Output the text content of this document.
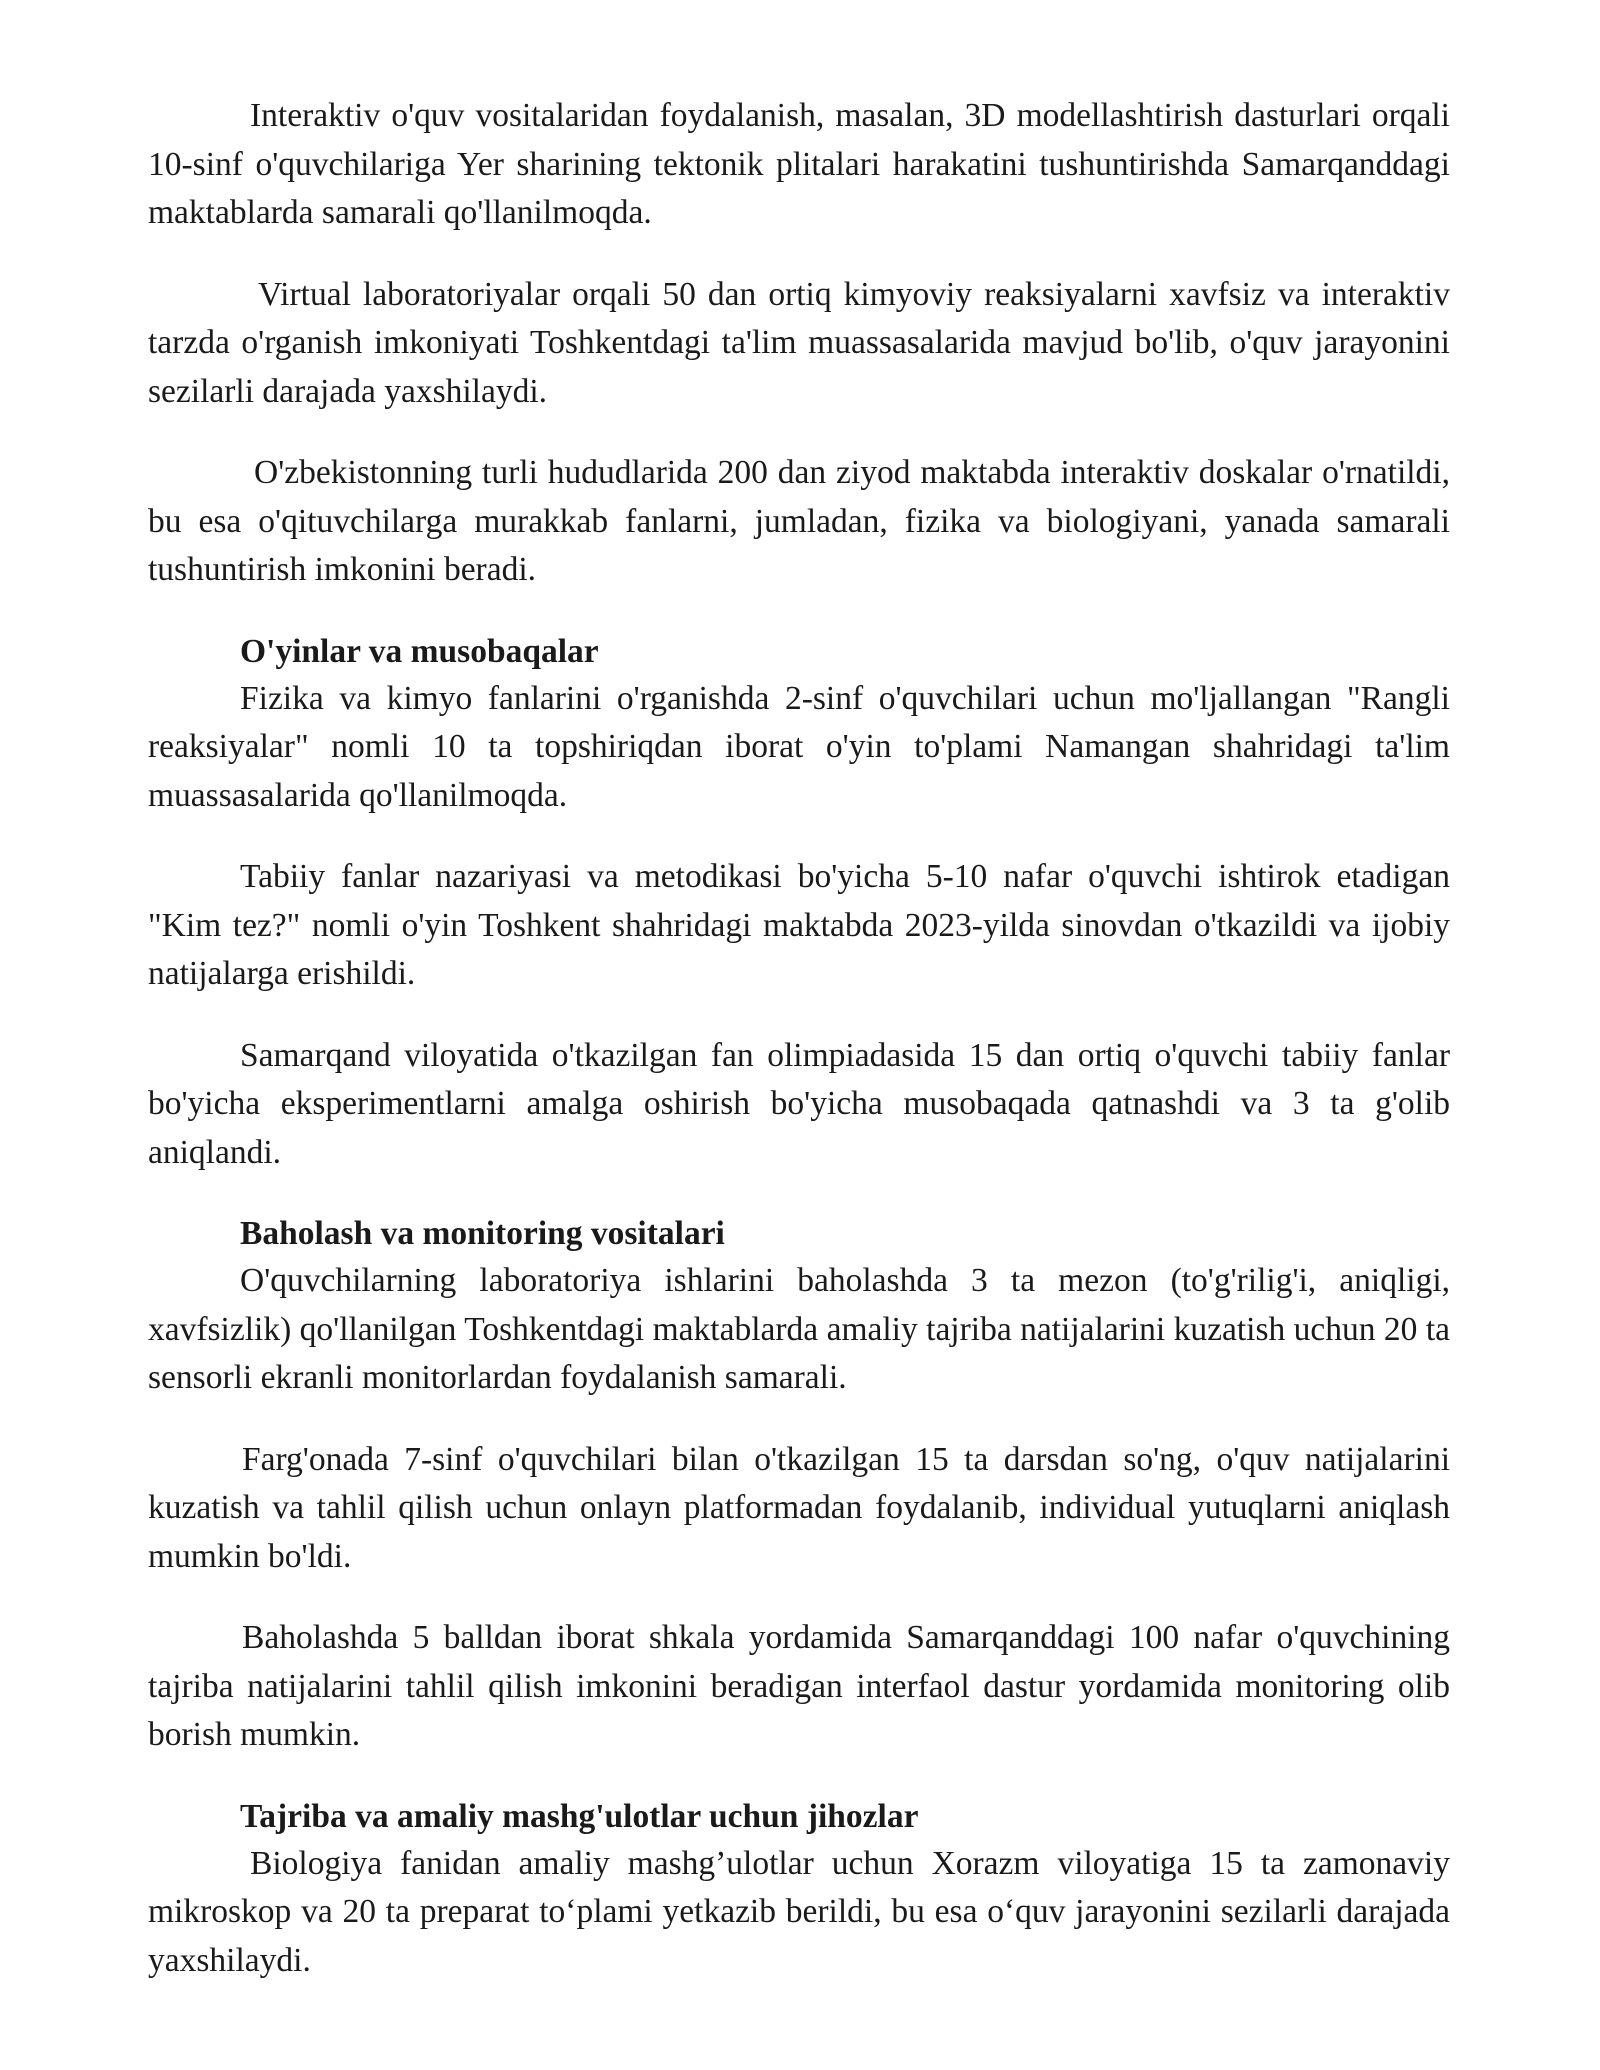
Interaktiv o'quv vositalaridan foydalanish, masalan, 3D modellashtirish dasturlari orqali 10-sinf o'quvchilariga Yer sharining tektonik plitalari harakatini tushuntirishda Samarqanddagi maktablarda samarali qo'llanilmoqda.

Virtual laboratoriyalar orqali 50 dan ortiq kimyoviy reaksiyalarni xavfsiz va interaktiv tarzda o'rganish imkoniyati Toshkentdagi ta'lim muassasalarida mavjud bo'lib, o'quv jarayonini sezilarli darajada yaxshilaydi.

O'zbekistonning turli hududlarida 200 dan ziyod maktabda interaktiv doskalar o'rnatildi, bu esa o'qituvchilarga murakkab fanlarni, jumladan, fizika va biologiyani, yanada samarali tushuntirish imkonini beradi.

O'yinlar va musobaqalar

Fizika va kimyo fanlarini o'rganishda 2-sinf o'quvchilari uchun mo'ljallangan "Rangli reaksiyalar" nomli 10 ta topshiriqdan iborat o'yin to'plami Namangan shahridagi ta'lim muassasalarida qo'llanilmoqda.

Tabiiy fanlar nazariyasi va metodikasi bo'yicha 5-10 nafar o'quvchi ishtirok etadigan "Kim tez?" nomli o'yin Toshkent shahridagi maktabda 2023-yilda sinovdan o'tkazildi va ijobiy natijalarga erishildi.

Samarqand viloyatida o'tkazilgan fan olimpiadasida 15 dan ortiq o'quvchi tabiiy fanlar bo'yicha eksperimentlarni amalga oshirish bo'yicha musobaqada qatnashdi va 3 ta g'olib aniqlandi.

Baholash va monitoring vositalari

O'quvchilarning laboratoriya ishlarini baholashda 3 ta mezon (to'g'rilig'i, aniqligi, xavfsizlik) qo'llanilgan Toshkentdagi maktablarda amaliy tajriba natijalarini kuzatish uchun 20 ta sensorli ekranli monitorlardan foydalanish samarali.

Farg'onada 7-sinf o'quvchilari bilan o'tkazilgan 15 ta darsdan so'ng, o'quv natijalarini kuzatish va tahlil qilish uchun onlayn platformadan foydalanib, individual yutuqlarni aniqlash mumkin bo'ldi.

Baholashda 5 balldan iborat shkala yordamida Samarqanddagi 100 nafar o'quvchining tajriba natijalarini tahlil qilish imkonini beradigan interfaol dastur yordamida monitoring olib borish mumkin.

Tajriba va amaliy mashg'ulotlar uchun jihozlar

Biologiya fanidan amaliy mashg’ulotlar uchun Xorazm viloyatiga 15 ta zamonaviy mikroskop va 20 ta preparat to‘plami yetkazib berildi, bu esa o‘quv jarayonini sezilarli darajada yaxshilaydi.
